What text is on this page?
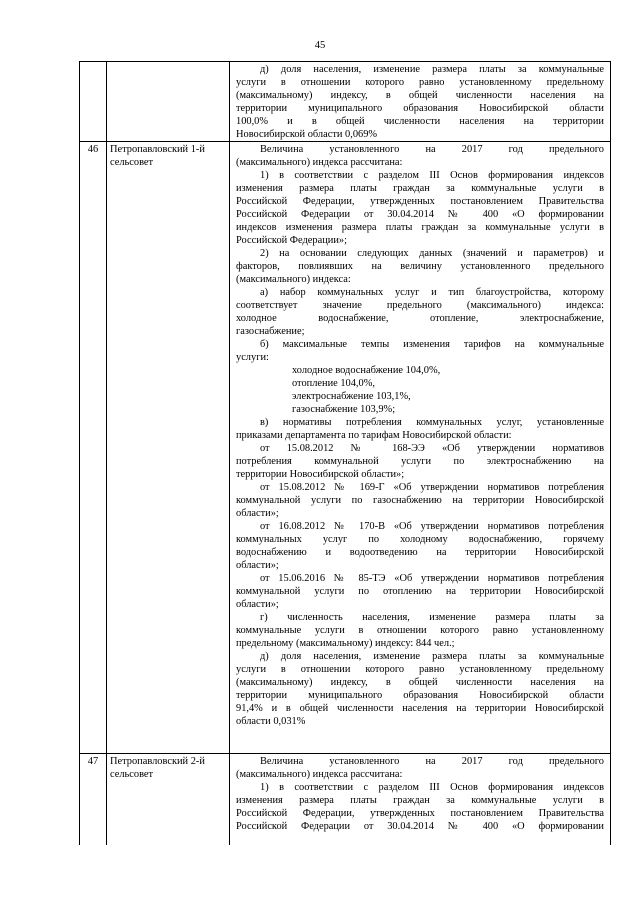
45

д) доля населения, изменение размера платы за коммунальные

услуги в отношении которого равно установленному предельному

(максимальному) индексу, в общей численности населения на

территории муниципального образования Новосибирской области

100,0% и в общей численности населения на территории

Новосибирской области 0,069%

46	Петропавловский 1-й
сельсовет

Величина установленного на 2017 год предельного

(максимального) индекса рассчитана:

1) в соответствии с разделом III Основ формирования индексов

изменения размера платы граждан за коммунальные услуги в

Российской Федерации, утвержденных постановлением Правительства

Российской Федерации от 30.04.2014 № 400 «О формировании

индексов изменения размера платы граждан за коммунальные услуги в

Российской Федерации»;

2) на основании следующих данных (значений и параметров) и

факторов, повлиявших на величину установленного предельного

(максимального) индекса:

а) набор коммунальных услуг и тип благоустройства, которому

соответствует значение предельного (максимального) индекса:

холодное водоснабжение, отопление, электроснабжение,

газоснабжение;

б) максимальные темпы изменения тарифов на коммунальные

услуги:

холодное водоснабжение 104,0%,

отопление 104,0%,

электроснабжение 103,1%,

газоснабжение 103,9%;

в) нормативы потребления коммунальных услуг, установленные

приказами департамента по тарифам Новосибирской области:

от 15.08.2012 № 168-ЭЭ «Об утверждении нормативов

потребления коммунальной услуги по электроснабжению на

территории Новосибирской области»;

от 15.08.2012 № 169-Г «Об утверждении нормативов потребления

коммунальной услуги по газоснабжению на территории Новосибирской

области»;

от 16.08.2012 № 170-В «Об утверждении нормативов потребления

коммунальных услуг по холодному водоснабжению, горячему

водоснабжению и водоотведению на территории Новосибирской

области»;

от 15.06.2016 № 85-ТЭ «Об утверждении нормативов потребления

коммунальной услуги по отоплению на территории Новосибирской

области»;

г) численность населения, изменение размера платы за

коммунальные услуги в отношении которого равно установленному

предельному (максимальному) индексу: 844 чел.;

д) доля населения, изменение размера платы за коммунальные

услуги в отношении которого равно установленному предельному

(максимальному) индексу, в общей численности населения на

территории муниципального образования Новосибирской области

91,4% и в общей численности населения на территории Новосибирской

области 0,031%

47	Петропавловский 2-й
сельсовет

Величина установленного на 2017 год предельного

(максимального) индекса рассчитана:

1) в соответствии с разделом III Основ формирования индексов

изменения размера платы граждан за коммунальные услуги в

Российской Федерации, утвержденных постановлением Правительства

Российской Федерации от 30.04.2014 № 400 «О формировании
